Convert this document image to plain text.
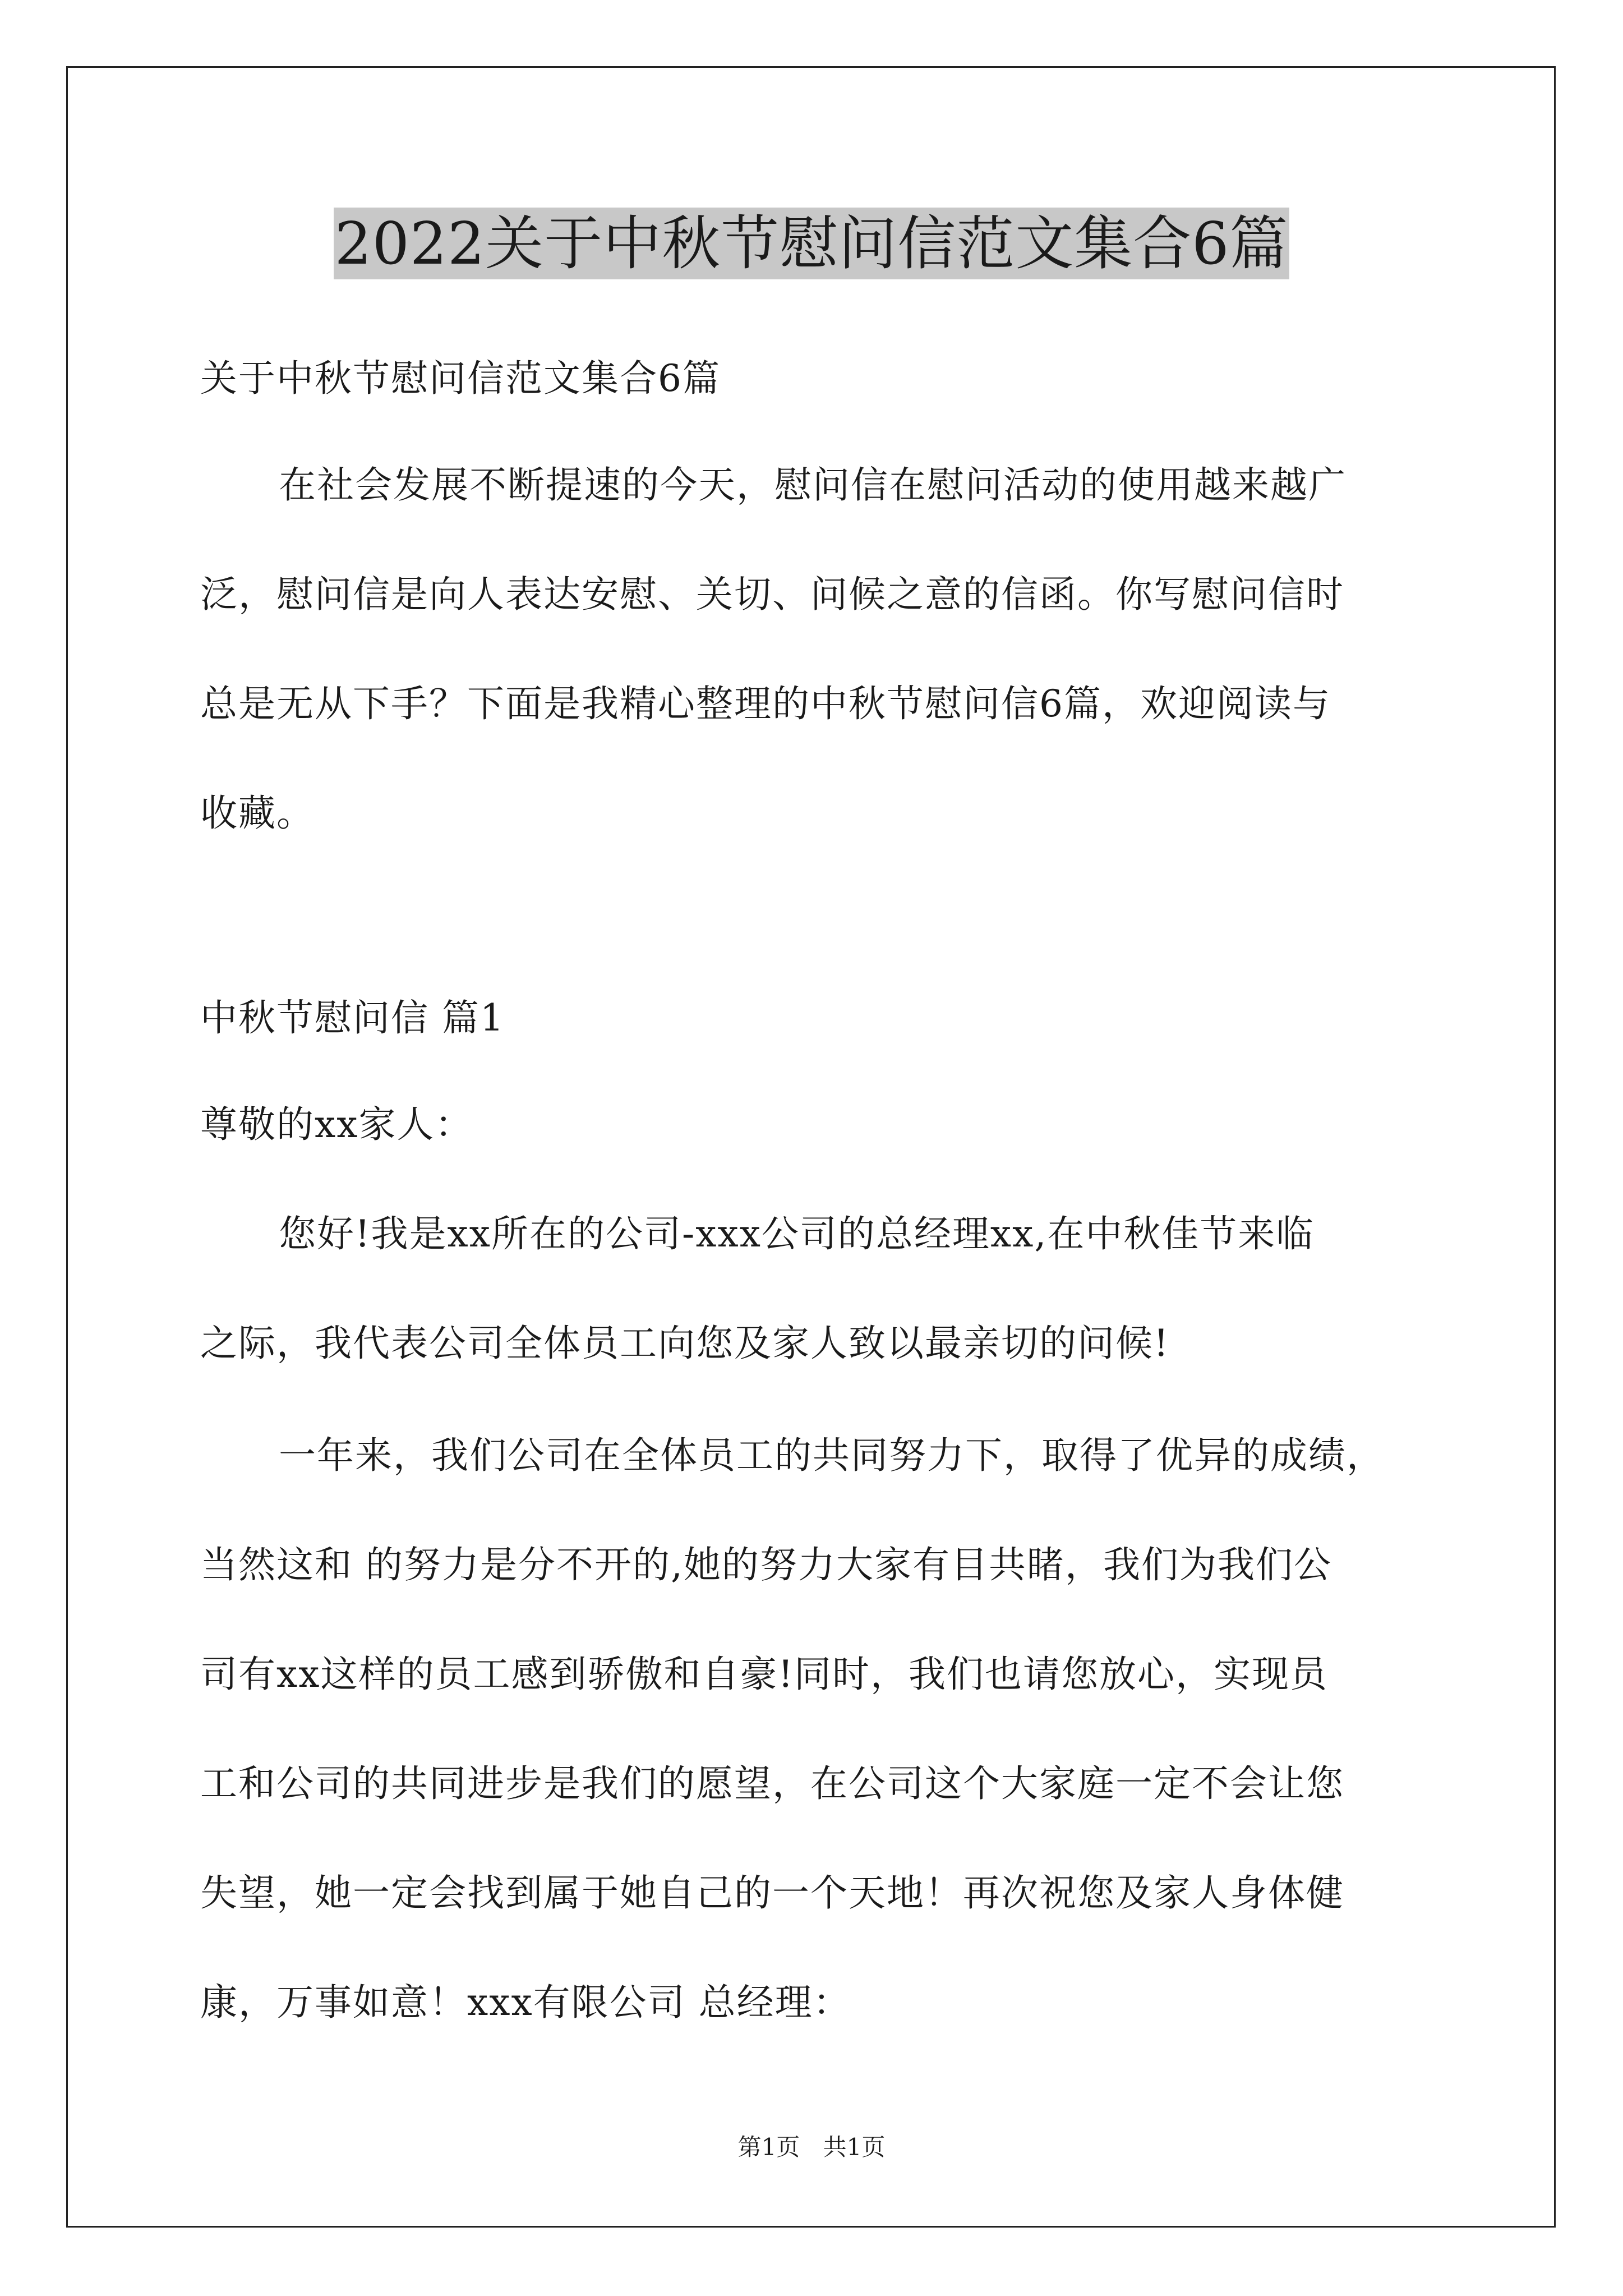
2022关于中秋节慰问信范文集合6篇
关于中秋节慰问信范文集合6篇
在社会发展不断提速的今天，慰问信在慰问活动的使用越来越广
泛，慰问信是向人表达安慰、关切、问候之意的信函。你写慰问信时
总是无从下手？下面是我精心整理的中秋节慰问信6篇，欢迎阅读与
收藏。
中秋节慰问信 篇1
尊敬的xx家人：
您好!我是xx所在的公司-xxx公司的总经理xx,在中秋佳节来临
之际，我代表公司全体员工向您及家人致以最亲切的问候!
一年来，我们公司在全体员工的共同努力下，取得了优异的成绩，
当然这和 的努力是分不开的,她的努力大家有目共睹，我们为我们公
司有xx这样的员工感到骄傲和自豪!同时，我们也请您放心，实现员
工和公司的共同进步是我们的愿望，在公司这个大家庭一定不会让您
失望，她一定会找到属于她自己的一个天地！再次祝您及家人身体健
康，万事如意！xxx有限公司 总经理：
第1页 共1页
